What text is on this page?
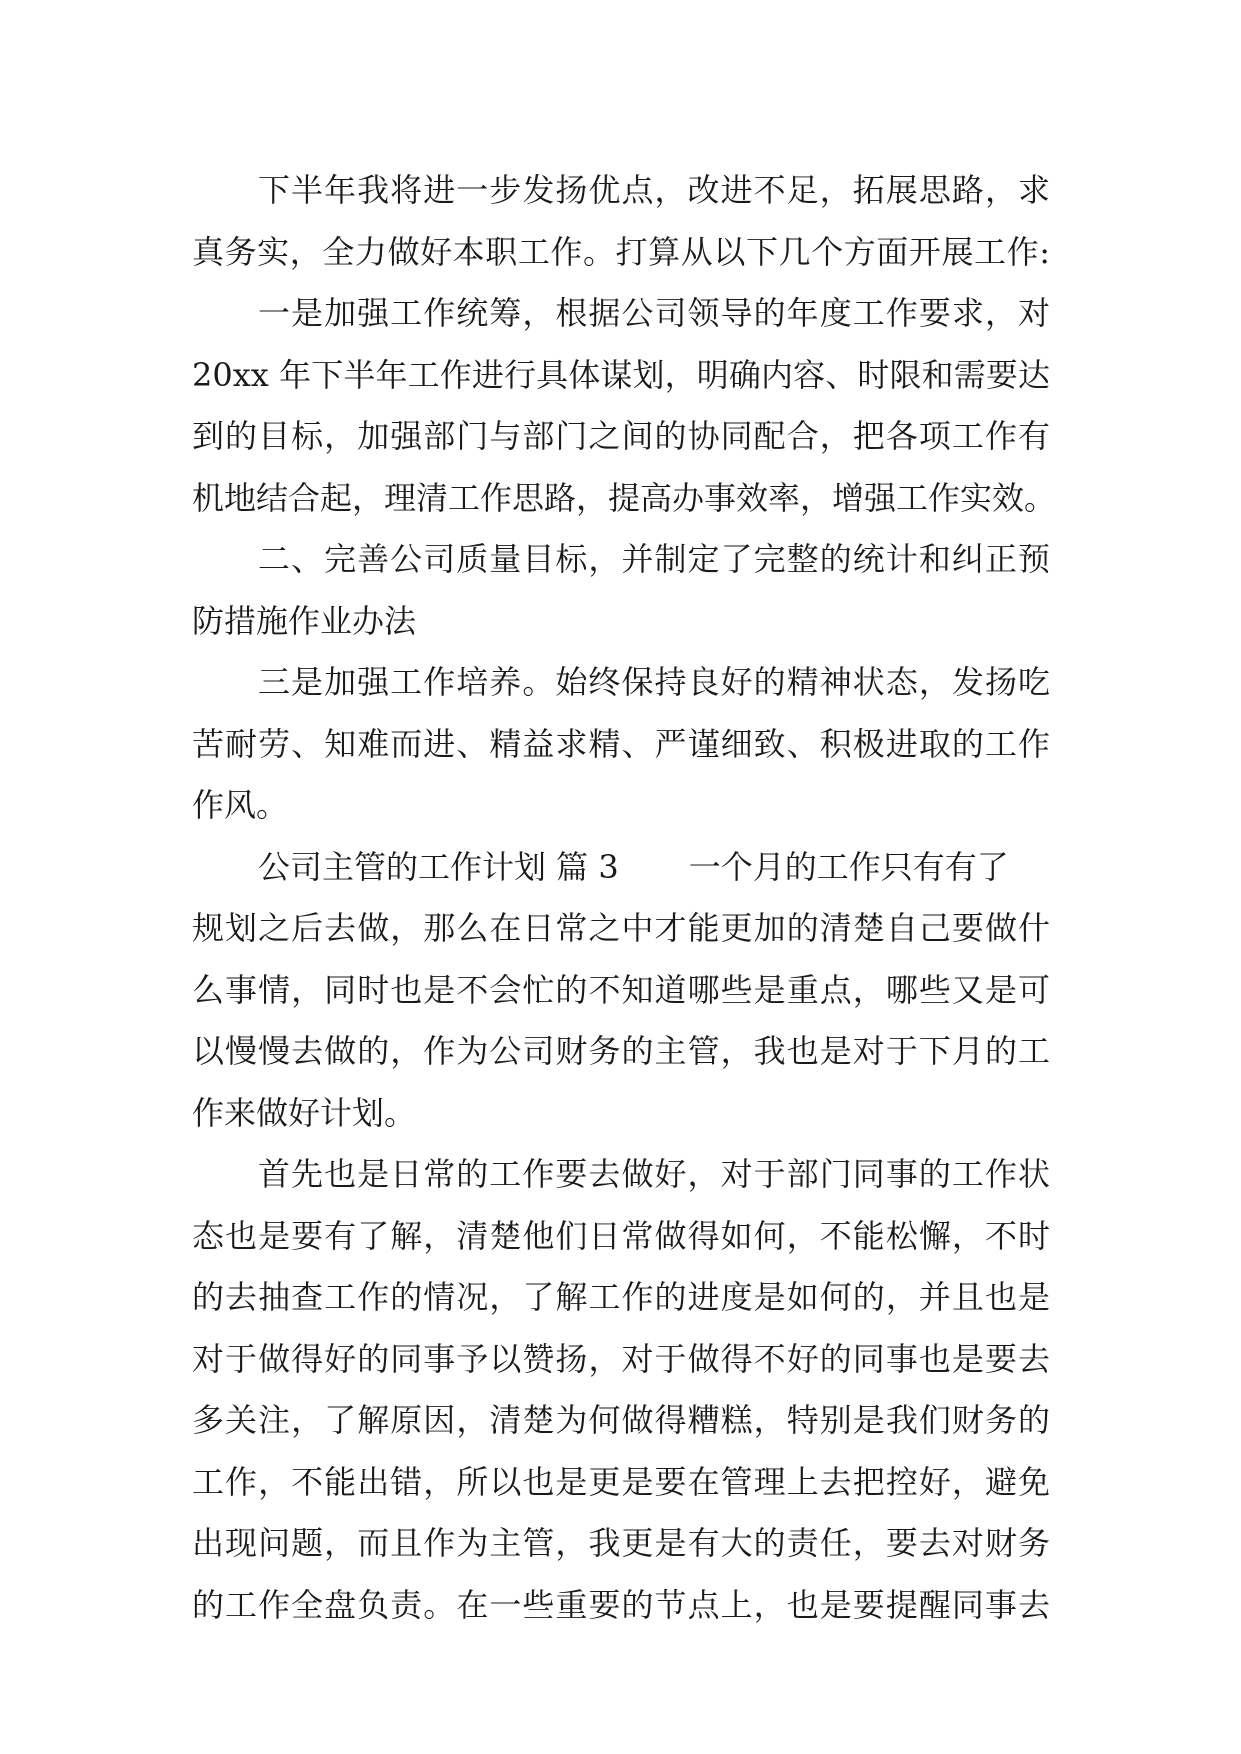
下半年我将进一步发扬优点，改进不足，拓展思路，求
真务实，全力做好本职工作。打算从以下几个方面开展工作:
一是加强工作统筹，根据公司领导的年度工作要求，对
20xx 年下半年工作进行具体谋划，明确内容、时限和需要达
到的目标，加强部门与部门之间的协同配合，把各项工作有
机地结合起，理清工作思路，提高办事效率，增强工作实效。
二、完善公司质量目标，并制定了完整的统计和纠正预
防措施作业办法
三是加强工作培养。始终保持良好的精神状态，发扬吃
苦耐劳、知难而进、精益求精、严谨细致、积极进取的工作
作风。
公司主管的工作计划 篇 3 一个月的工作只有有了
规划之后去做，那么在日常之中才能更加的清楚自己要做什
么事情，同时也是不会忙的不知道哪些是重点，哪些又是可
以慢慢去做的，作为公司财务的主管，我也是对于下月的工
作来做好计划。
首先也是日常的工作要去做好，对于部门同事的工作状
态也是要有了解，清楚他们日常做得如何，不能松懈，不时
的去抽查工作的情况，了解工作的进度是如何的，并且也是
对于做得好的同事予以赞扬，对于做得不好的同事也是要去
多关注，了解原因，清楚为何做得糟糕，特别是我们财务的
工作，不能出错，所以也是更是要在管理上去把控好，避免
出现问题，而且作为主管，我更是有大的责任，要去对财务
的工作全盘负责。在一些重要的节点上，也是要提醒同事去
